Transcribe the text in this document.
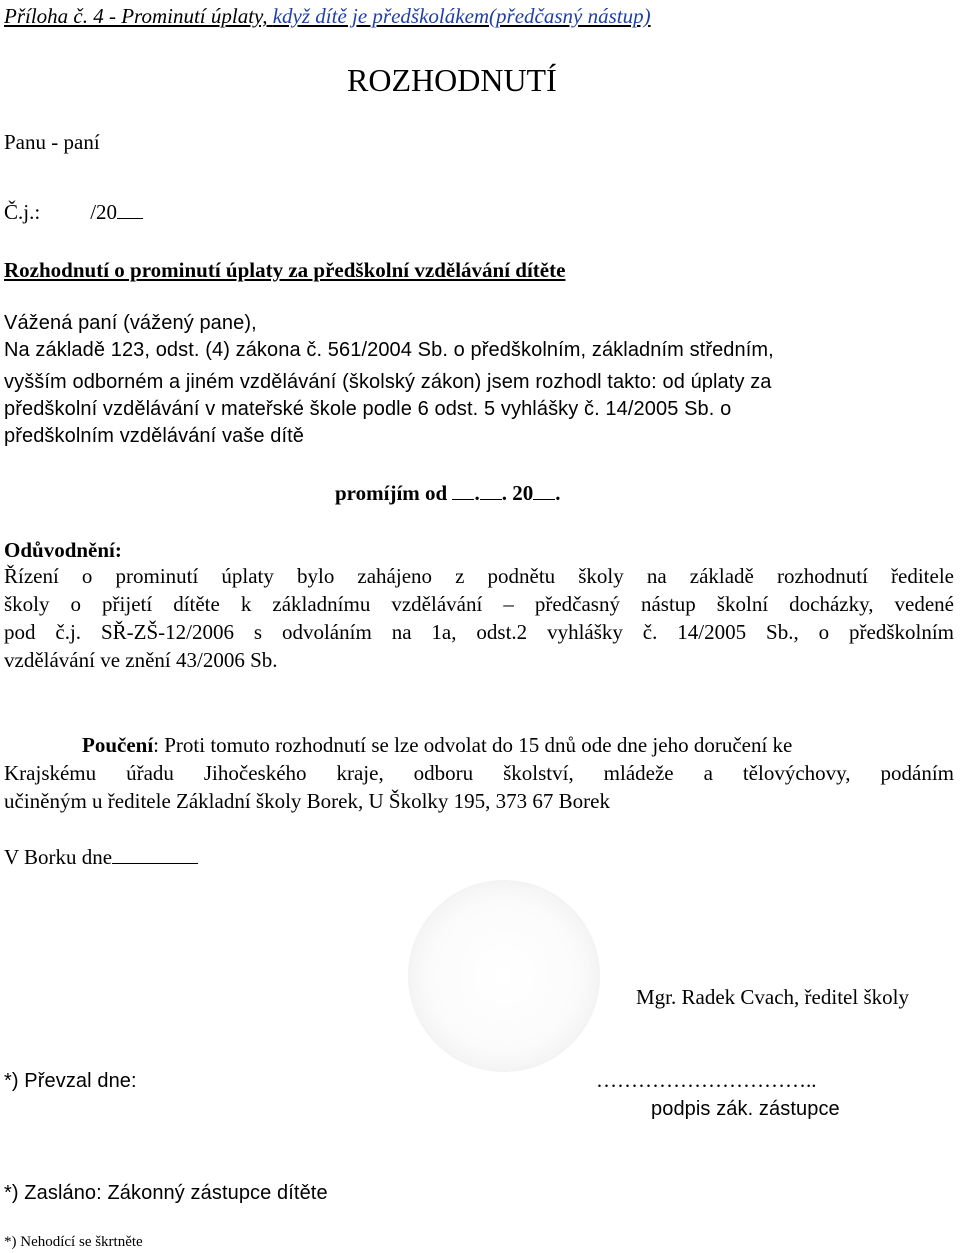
Příloha č. 4 - Prominutí úplaty, když dítě je předškolákem(předčasný nástup)
ROZHODNUTÍ
Panu - paní
Č.j.: /20
Rozhodnutí o prominutí úplaty za předškolní vzdělávání dítěte
Vážená paní (vážený pane),
Na základě 123, odst. (4) zákona č. 561/2004 Sb. o předškolním, základním středním,
vyšším odborném a jiném vzdělávání (školský zákon) jsem rozhodl takto: od úplaty za
předškolní vzdělávání v mateřské škole podle 6 odst. 5 vyhlášky č. 14/2005 Sb. o
předškolním vzdělávání vaše dítě
promíjím od . . 20 .
Odůvodnění:
Řízení o prominutí úplaty bylo zahájeno z podnětu školy na základě rozhodnutí ředitele
školy o přijetí dítěte k základnímu vzdělávání – předčasný nástup školní docházky, vedené
pod č.j. SŘ-ZŠ-12/2006 s odvoláním na 1a, odst.2 vyhlášky č. 14/2005 Sb., o předškolním
vzdělávání ve znění 43/2006 Sb.
Poučení: Proti tomuto rozhodnutí se lze odvolat do 15 dnů ode dne jeho doručení ke
Krajskému úřadu Jihočeského kraje, odboru školství, mládeže a tělovýchovy, podáním
učiněným u ředitele Základní školy Borek, U Školky 195, 373 67 Borek
V Borku dne
Mgr. Radek Cvach, ředitel školy
*) Převzal dne:	…………………………..
podpis zák. zástupce
*) Zasláno: Zákonný zástupce dítěte
*) Nehodící se škrtněte
